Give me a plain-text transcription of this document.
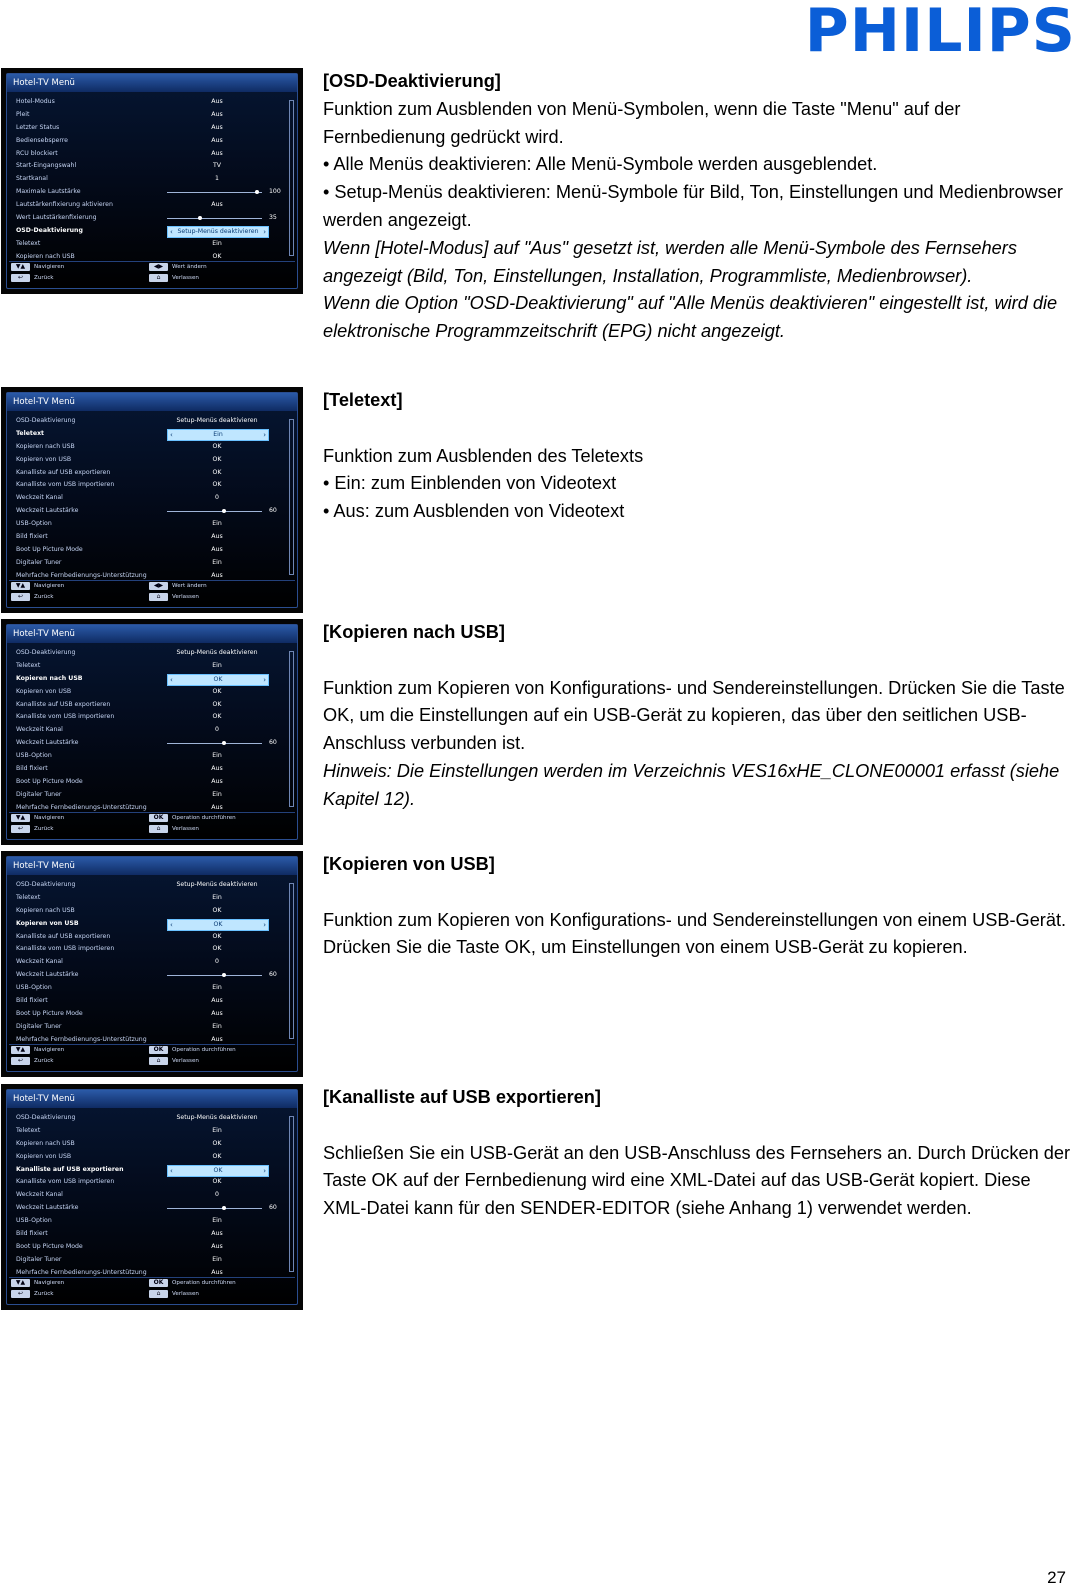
PHILIPS
Hotel-TV Menü
Hotel-Modus	Aus
Pleit	Aus
Letzter Status	Aus
Bediensebsperre	Aus
RCU blockiert	Aus
Start-Eingangswahl	TV
Startkanal	1
Maximale Lautstärke	100
Lautstärkenfixierung aktivieren	Aus
Wert Lautstärkenfixierung	35
OSD-Deaktivierung	‹ Setup-Menüs deaktivieren ›
Teletext	Ein
Kopieren nach USB	OK
▼▲
↩
◀▶
⌂
Navigieren
Zurück
Wert ändern
Verlassen

[OSD-Deaktivierung]

Funktion zum Ausblenden von Menü-Symbolen, wenn die Taste "Menu" auf der Fernbedienung gedrückt wird.

• Alle Menüs deaktivieren: Alle Menü-Symbole werden ausgeblendet.

• Setup-Menüs deaktivieren: Menü-Symbole für Bild, Ton, Einstellungen und Medienbrowser werden angezeigt.

Wenn [Hotel-Modus] auf "Aus" gesetzt ist, werden alle Menü-Symbole des Fernsehers angezeigt (Bild, Ton, Einstellungen, Installation, Programmliste, Medienbrowser).

Wenn die Option "OSD-Deaktivierung" auf "Alle Menüs deaktivieren" eingestellt ist, wird die elektronische Programmzeitschrift (EPG) nicht angezeigt.

Hotel-TV Menü
OSD-Deaktivierung	Setup-Menüs deaktivieren
Teletext	‹	Ein	›
Kopieren nach USB	OK
Kopieren von USB	OK
Kanalliste auf USB exportieren	OK
Kanalliste vom USB importieren	OK
Weckzeit Kanal	0
Weckzeit Lautstärke	60
USB-Option	Ein
Bild fixiert	Aus
Boot Up Picture Mode	Aus
Digitaler Tuner	Ein
Mehrfache Fernbedienungs-Unterstützung	Aus
▼▲
↩
◀▶
⌂
Navigieren
Zurück
Wert ändern
Verlassen

[Teletext]

Funktion zum Ausblenden des Teletexts

• Ein: zum Einblenden von Videotext

• Aus: zum Ausblenden von Videotext

Hotel-TV Menü
OSD-Deaktivierung	Setup-Menüs deaktivieren
Teletext	Ein
Kopieren nach USB	‹	OK	›
Kopieren von USB	OK
Kanalliste auf USB exportieren	OK
Kanalliste vom USB importieren	OK
Weckzeit Kanal	0
Weckzeit Lautstärke	60
USB-Option	Ein
Bild fixiert	Aus
Boot Up Picture Mode	Aus
Digitaler Tuner	Ein
Mehrfache Fernbedienungs-Unterstützung	Aus
▼▲
↩
OK
⌂
Navigieren
Zurück
Operation durchführen
Verlassen

[Kopieren nach USB]

Funktion zum Kopieren von Konfigurations- und Sendereinstellungen. Drücken Sie die Taste OK, um die Einstellungen auf ein USB-Gerät zu kopieren, das über den seitlichen USB-Anschluss verbunden ist.

Hinweis: Die Einstellungen werden im Verzeichnis VES16xHE_CLONE00001 erfasst (siehe Kapitel 12).

Hotel-TV Menü
OSD-Deaktivierung	Setup-Menüs deaktivieren
Teletext	Ein
Kopieren nach USB	OK
Kopieren von USB	‹	OK	›
Kanalliste auf USB exportieren	OK
Kanalliste vom USB importieren	OK
Weckzeit Kanal	0
Weckzeit Lautstärke	60
USB-Option	Ein
Bild fixiert	Aus
Boot Up Picture Mode	Aus
Digitaler Tuner	Ein
Mehrfache Fernbedienungs-Unterstützung	Aus
▼▲
↩
OK
⌂
Navigieren
Zurück
Operation durchführen
Verlassen

[Kopieren von USB]

Funktion zum Kopieren von Konfigurations- und Sendereinstellungen von einem USB-Gerät. Drücken Sie die Taste OK, um Einstellungen von einem USB-Gerät zu kopieren.

Hotel-TV Menü
OSD-Deaktivierung	Setup-Menüs deaktivieren
Teletext	Ein
Kopieren nach USB	OK
Kopieren von USB	OK
Kanalliste auf USB exportieren	‹	OK	›
Kanalliste vom USB importieren	OK
Weckzeit Kanal	0
Weckzeit Lautstärke	60
USB-Option	Ein
Bild fixiert	Aus
Boot Up Picture Mode	Aus
Digitaler Tuner	Ein
Mehrfache Fernbedienungs-Unterstützung	Aus
▼▲
↩
OK
⌂
Navigieren
Zurück
Operation durchführen
Verlassen

[Kanalliste auf USB exportieren]

Schließen Sie ein USB-Gerät an den USB-Anschluss des Fernsehers an. Durch Drücken der Taste OK auf der Fernbedienung wird eine XML-Datei auf das USB-Gerät kopiert. Diese XML-Datei kann für den SENDER-EDITOR (siehe Anhang 1) verwendet werden.

27
